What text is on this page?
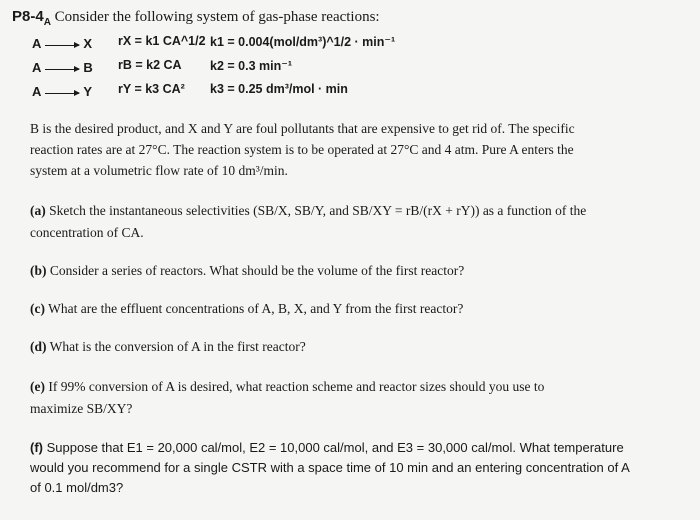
$P8-4_A$ Consider the following system of gas-phase reactions:
A → X rX = k1 CA^1/2 k1 = 0.004(mol/dm³)^1/2 · min⁻¹
A → B rB = k2 CA k2 = 0.3 min⁻¹
A → Y rY = k3 CA² k3 = 0.25 dm³/mol · min
B is the desired product, and X and Y are foul pollutants that are expensive to get rid of. The specific
reaction rates are at 27°C. The reaction system is to be operated at 27°C and 4 atm. Pure A enters the
system at a volumetric flow rate of 10 dm³/min.
(a) Sketch the instantaneous selectivities (SB/X, SB/Y, and SB/XY = rB/(rX + rY)) as a function of the
concentration of CA.
(b) Consider a series of reactors. What should be the volume of the first reactor?
(c) What are the effluent concentrations of A, B, X, and Y from the first reactor?
(d) What is the conversion of A in the first reactor?
(e) If 99% conversion of A is desired, what reaction scheme and reactor sizes should you use to
maximize SB/XY?
(f) Suppose that E1 = 20,000 cal/mol, E2 = 10,000 cal/mol, and E3 = 30,000 cal/mol. What temperature
would you recommend for a single CSTR with a space time of 10 min and an entering concentration of A
of 0.1 mol/dm3?
